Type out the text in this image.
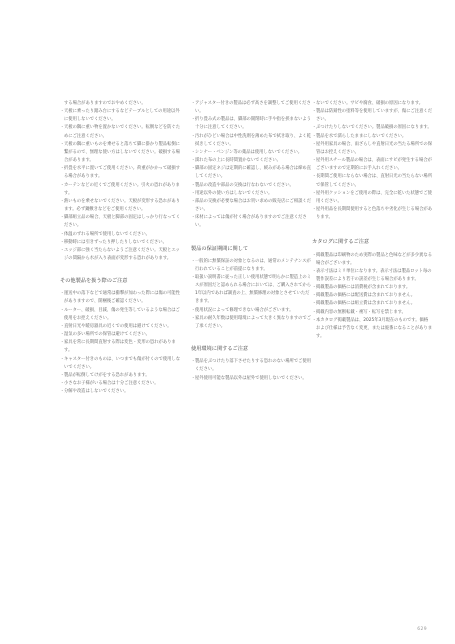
する場合がありますのでおやめください。

・ 天板に乗ったり踏み台にするなどテーブルとしての用途以外に使用しないでください。
・ 天板の隅に重い物を置かないでください。転倒などを防ぐためにご注意ください。
・ 天板の隅に重いものを乗せると落ちて脚に掛かり製品転倒に繋がるので、無理な使い方はしないでください。破損する場合があります。
・ 折畳を水平に置いてご使用ください。荷重がかかって破損する場合があります。
・ カーテンなどの近くでご使用ください。引火の恐れがあります。
・ 熱いものを乗せないでください。天板が変形する恐れがあります。必ず鍋敷きなどをご使用ください。
・ 脚部組立品の場合、天板と脚部の固定はしっかり行なってください。
・ 体温のずれる場所で使用しないでください。
・ 移動時には引きずったり押したりしないでください。
・ エッジ部に強く当たらないようご注意ください。天板とエッジの間隔から水が入り表面が変形する恐れがあります。

その他製品を扱う際のご注意

・ 運送中の落下などで通常は衝撃が加わった際には傷の可能性がありますので、開梱後ご確認ください。
・ ルーター、破損、目減、傷の発生等しているような場合はご使用をお控えください。
・ 直射日光や暖房器具の近くでの使用は避けてください。
・ 湿気の多い場所での保管は避けてください。
・ 家具を常に長期間直射する際は変色・変形の恐れがあります。
・ キャスター付きのものは、いつまでも傷が付くので使用しないでください。
・ 製品が転倒してけがをする恐れがあります。
・ 小さなお子様がいる場合は十分ご注意ください。
・ 分解や改造はしないでください。
・ アジャスター付きの製品は必ず高さを調整してご使用ください。
・ 折り畳み式の製品は、脚部の開閉時に手や指を挟まないよう十分に注意してください。
・ 汚れがひどい場合は中性洗剤を薄めた布で拭き取り、よく乾拭きしてください。
・ シンナー・ベンジン等の薬品は使用しないでください。
・ 濡れた布の上に長時間置かないでください。
・ 脚部の固定ネジは定期的に確認し、緩みがある場合は締め直してください。
・ 製品の改造や部品の交換は行なわないでください。
・ 用途以外の使い方はしないでください。
・ 部品の交換が必要な場合はお買い求めの販売店にご相談ください。
・ 床材によっては傷が付く場合がありますのでご注意ください。

製品の保証期間に関して

・ 一般的に無償保証の対象となるのは、通常のメンテナンスが行われていることが前提になります。
・ 取扱い説明書に従った正しい使用状態で明らかに製造上のミスが原因だと認められる場合においては、ご購入されてから1年以内であれば調査の上、無償修理の対象とさせていただきます。
・ 使用状況によって修理できない場合がございます。
・ 家具の耐久年数は使用環境によって大きく異なりますのでご了承ください。

使用環境に関するご注意

・ 製品をぶつけたり落下させたりする恐れのない場所でご使用ください。
・ 屋外使用可能な製品以外は屋外で使用しないでください。
・ ないでください。サビや腐食、破損の原因になります。
・ 製品は防錆性の塗料等を使用していますが、傷にご注意ください。
・ ぶつけたりしないでください。製品破損の原因になります。
・ 製品を水で濡らしたままにしないでください。
・ 屋外用家具の場合、雨ざらしや直射日光の当たる場所での保管はお控えください。
・ 屋外用スチール製品の場合は、表面にサビが発生する場合がございますので定期的にお手入れください。
・ 長期間ご使用にならない場合は、直射日光の当たらない場所で保管してください。
・ 屋外用クッションをご使用の際は、完全に乾いた状態でご使用ください。
・ 屋外用品を長期間使用すると色落ちや劣化が生じる場合があります。

カタログに関するご注意

・ 掲載製品は印刷物のため実際の製品と色味などが多少異なる場合がございます。
・ 表示寸法はミリ単位になります。表示寸法は製品ロット毎の製作誤差により若干の誤差が生じる場合があります。
・ 掲載製品の価格には消費税が含まれております。
・ 掲載製品の価格には配送費は含まれておりません。
・ 掲載製品の価格には組立費は含まれておりません。
・ 掲載内容の無断転載・複写・転写を禁じます。
・ 本カタログ掲載製品は、2025年3月現在のものです。価格および仕様は予告なく変更、または廃番になることがあります。
629
